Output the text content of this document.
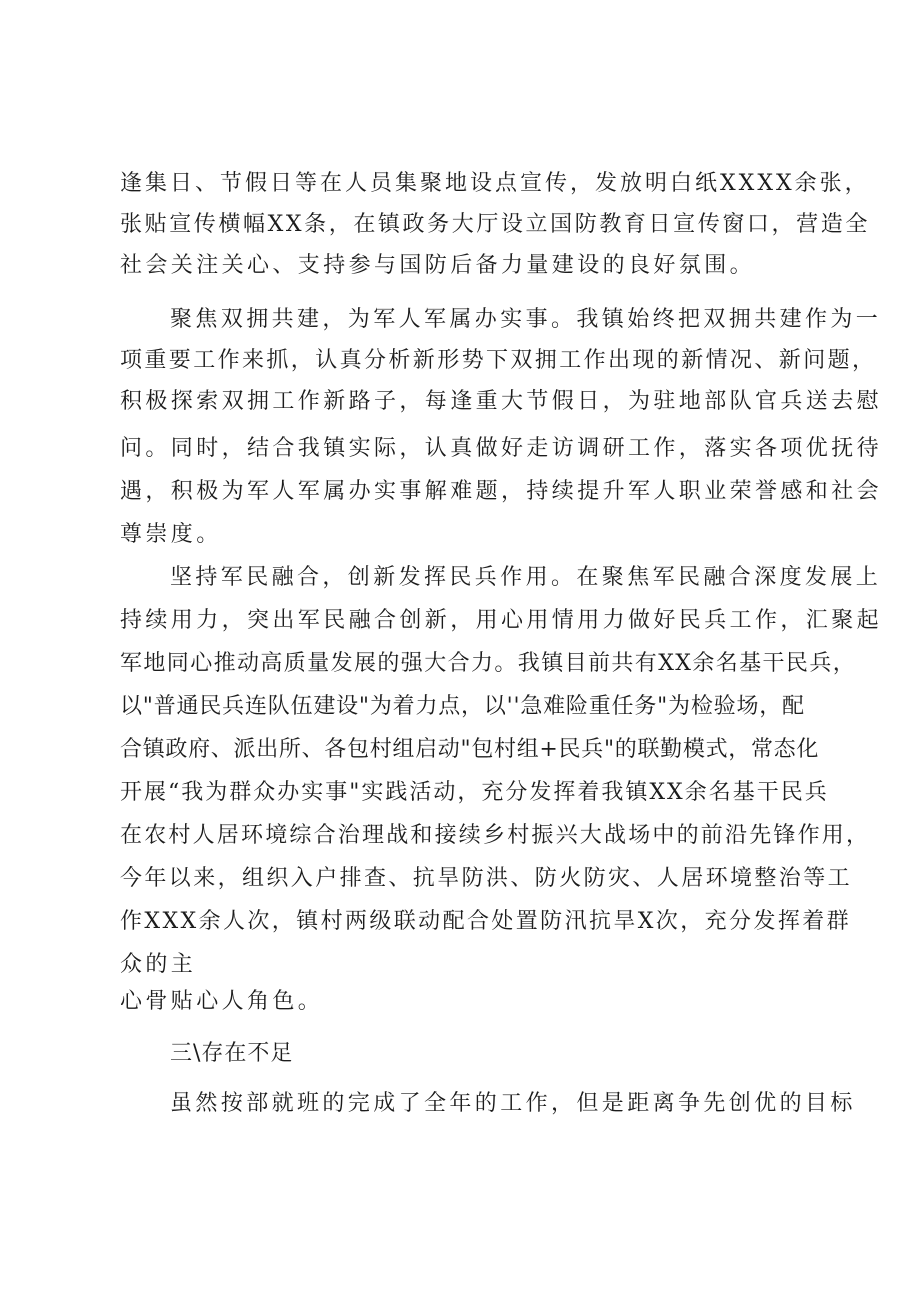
逢集日、节假日等在人员集聚地设点宣传，发放明白纸XXXX余张，
张贴宣传横幅XX条，在镇政务大厅设立国防教育日宣传窗口，营造全
社会关注关心、支持参与国防后备力量建设的良好氛围。
聚焦双拥共建，为军人军属办实事。我镇始终把双拥共建作为一
项重要工作来抓，认真分析新形势下双拥工作出现的新情况、新问题，
积极探索双拥工作新路子，每逢重大节假日，为驻地部队官兵送去慰
问。同时，结合我镇实际，认真做好走访调研工作，落实各项优抚待
遇，积极为军人军属办实事解难题，持续提升军人职业荣誉感和社会
尊崇度。
坚持军民融合，创新发挥民兵作用。在聚焦军民融合深度发展上
持续用力，突出军民融合创新，用心用情用力做好民兵工作，汇聚起
军地同心推动高质量发展的强大合力。我镇目前共有XX余名基干民兵，
以"普通民兵连队伍建设"为着力点，以''急难险重任务"为检验场，配
合镇政府、派出所、各包村组启动"包村组+民兵"的联勤模式，常态化
开展“我为群众办实事"实践活动，充分发挥着我镇XX余名基干民兵
在农村人居环境综合治理战和接续乡村振兴大战场中的前沿先锋作用，
今年以来，组织入户排查、抗旱防洪、防火防灾、人居环境整治等工
作XXX余人次，镇村两级联动配合处置防汛抗旱X次，充分发挥着群
众的主
心骨贴心人角色。
三\存在不足
虽然按部就班的完成了全年的工作，但是距离争先创优的目标
